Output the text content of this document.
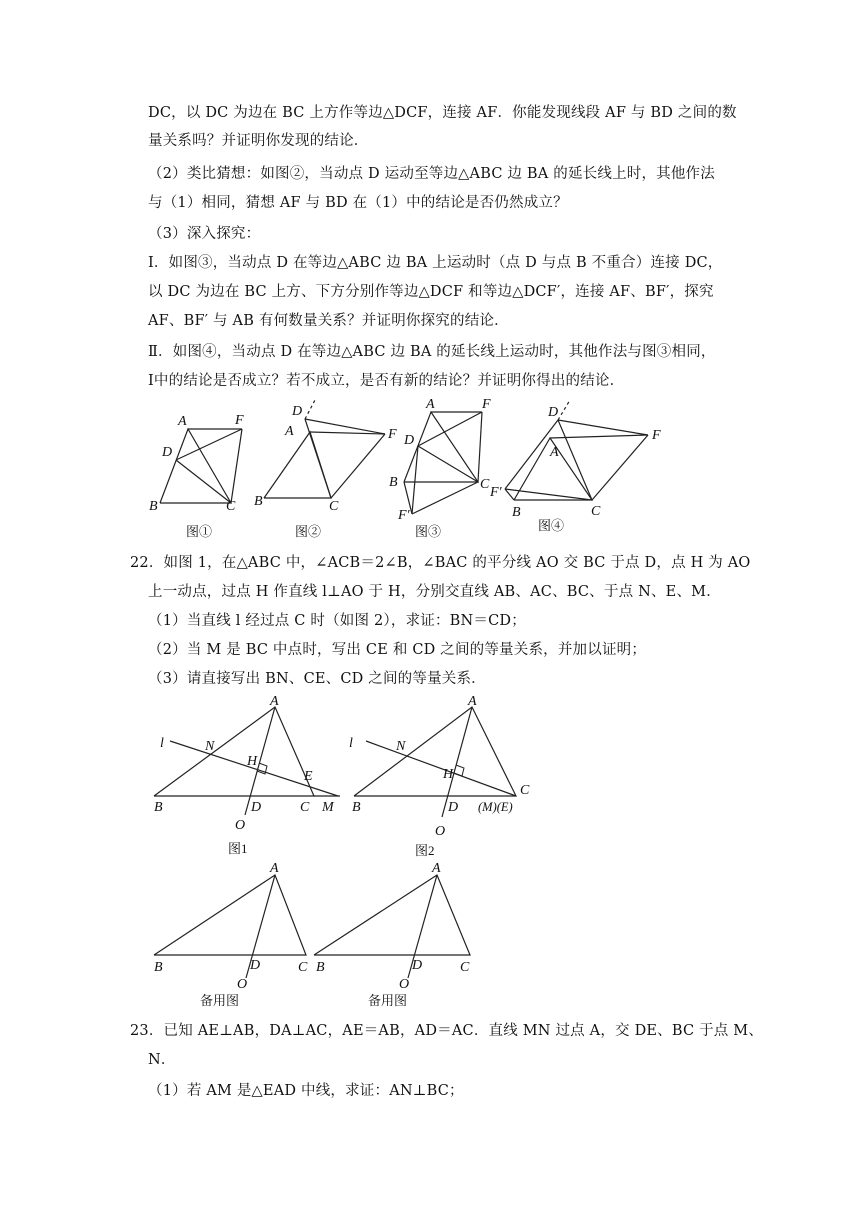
DC，以 DC 为边在 BC 上方作等边△DCF，连接 AF．你能发现线段 AF 与 BD 之间的数
量关系吗？并证明你发现的结论．
（2）类比猜想：如图②，当动点 D 运动至等边△ABC 边 BA 的延长线上时，其他作法
与（1）相同，猜想 AF 与 BD 在（1）中的结论是否仍然成立？
（3）深入探究：
Ⅰ．如图③，当动点 D 在等边△ABC 边 BA 上运动时（点 D 与点 B 不重合）连接 DC，
以 DC 为边在 BC 上方、下方分别作等边△DCF 和等边△DCF′，连接 AF、BF′，探究
AF、BF′ 与 AB 有何数量关系？并证明你探究的结论．
Ⅱ．如图④，当动点 D 在等边△ABC 边 BA 的延长线上运动时，其他作法与图③相同，
Ⅰ中的结论是否成立？若不成立，是否有新的结论？并证明你得出的结论．
A	F
D
B	C
D
A	F
B	C
A	F
D
B	C
F′
D
A
F
F′
B	C
图①	图②	图③	图④
22．如图 1，在△ABC 中，∠ACB＝2∠B，∠BAC 的平分线 AO 交 BC 于点 D，点 H 为 AO
上一动点，过点 H 作直线 l⊥AO 于 H，分别交直线 AB、AC、BC、于点 N、E、M．
（1）当直线 l 经过点 C 时（如图 2），求证：BN＝CD；
（2）当 M 是 BC 中点时，写出 CE 和 CD 之间的等量关系，并加以证明；
（3）请直接写出 BN、CE、CD 之间的等量关系．
A
l	N
H
E
B	D	C M
O
A
l	N
H
C
B	D (M)(E)
O
图1	图2
A
B	D	C
O
A
B	D	C
O
备用图	备用图
23．已知 AE⊥AB，DA⊥AC，AE＝AB，AD＝AC．直线 MN 过点 A，交 DE、BC 于点 M、
N．
（1）若 AM 是△EAD 中线，求证：AN⊥BC；
